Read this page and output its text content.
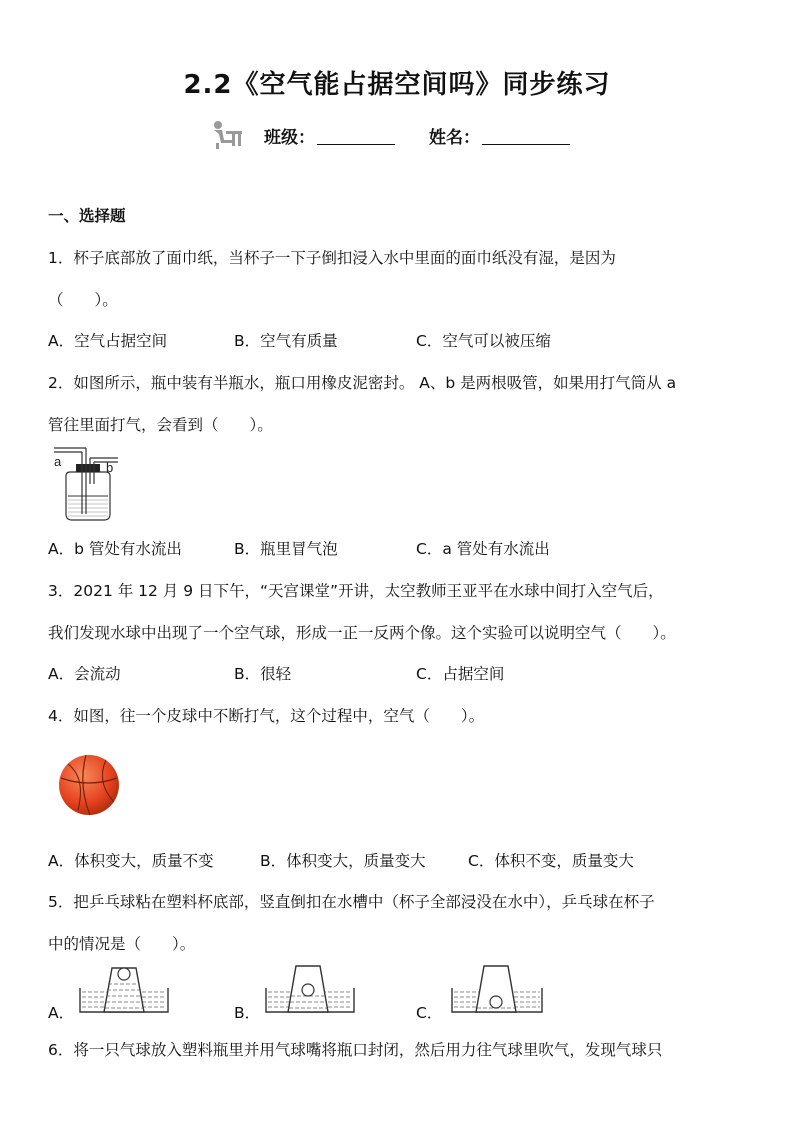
2.2《空气能占据空间吗》同步练习
班级：	姓名：
一、选择题
1．杯子底部放了面巾纸，当杯子一下子倒扣浸入水中里面的面巾纸没有湿，是因为
（　　）。
A．空气占据空间	B．空气有质量	C．空气可以被压缩
2．如图所示，瓶中装有半瓶水，瓶口用橡皮泥密封。 A、b 是两根吸管，如果用打气筒从 a
管往里面打气，会看到（　　）。
a	b
A．b 管处有水流出	B．瓶里冒气泡	C．a 管处有水流出
3．2021 年 12 月 9 日下午，“天宫课堂”开讲，太空教师王亚平在水球中间打入空气后，
我们发现水球中出现了一个空气球，形成一正一反两个像。这个实验可以说明空气（　　）。
A．会流动	B．很轻	C．占据空间
4．如图，往一个皮球中不断打气，这个过程中，空气（　　）。
A．体积变大，质量不变	B．体积变大，质量变大	C．体积不变，质量变大
5．把乒乓球粘在塑料杯底部，竖直倒扣在水槽中（杯子全部浸没在水中），乒乓球在杯子
中的情况是（　　）。
A．	B．	C．
6．将一只气球放入塑料瓶里并用气球嘴将瓶口封闭，然后用力往气球里吹气，发现气球只
